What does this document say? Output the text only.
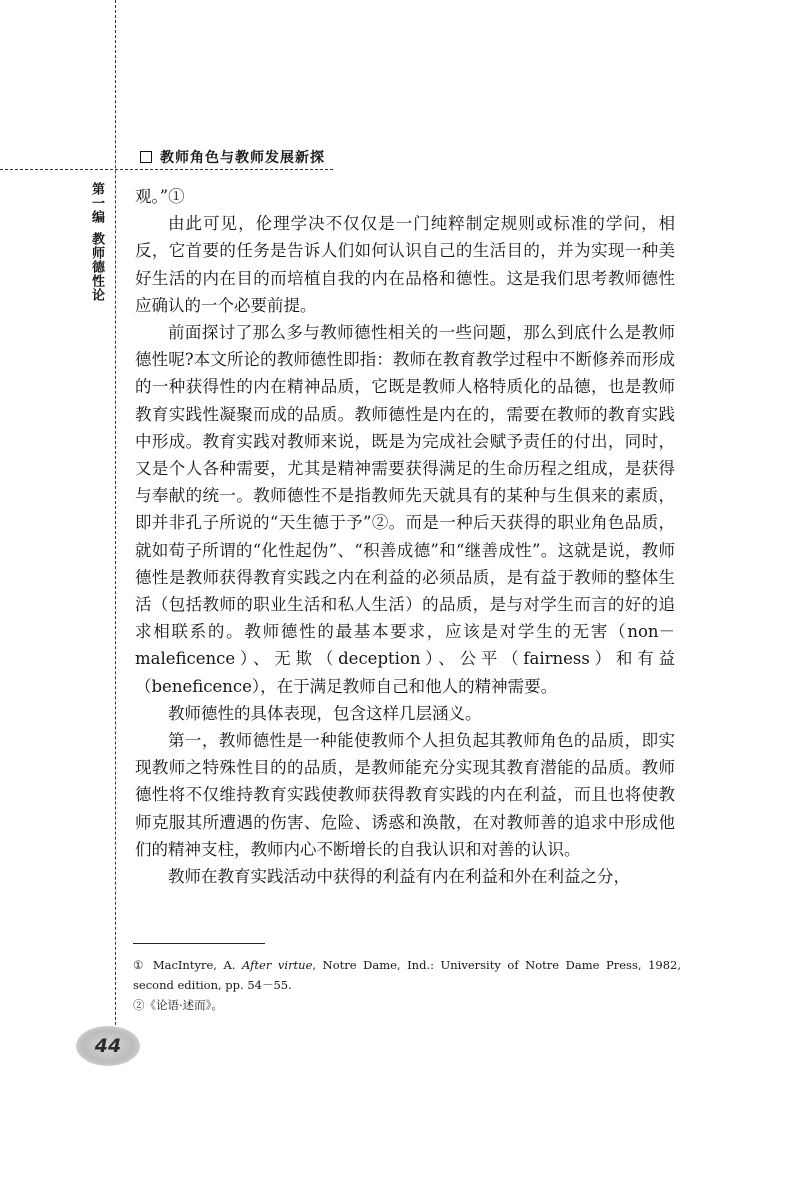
教师角色与教师发展新探
第一编教师德性论

观。”①

由此可见，伦理学决不仅仅是一门纯粹制定规则或标准的学问，相反，它首要的任务是告诉人们如何认识自己的生活目的，并为实现一种美好生活的内在目的而培植自我的内在品格和德性。这是我们思考教师德性应确认的一个必要前提。

前面探讨了那么多与教师德性相关的一些问题，那么到底什么是教师德性呢?本文所论的教师德性即指：教师在教育教学过程中不断修养而形成的一种获得性的内在精神品质，它既是教师人格特质化的品德，也是教师教育实践性凝聚而成的品质。教师德性是内在的，需要在教师的教育实践中形成。教育实践对教师来说，既是为完成社会赋予责任的付出，同时，又是个人各种需要，尤其是精神需要获得满足的生命历程之组成，是获得与奉献的统一。教师德性不是指教师先天就具有的某种与生俱来的素质，即并非孔子所说的“天生德于予”②。而是一种后天获得的职业角色品质，就如荀子所谓的“化性起伪”、“积善成德”和“继善成性”。这就是说，教师德性是教师获得教育实践之内在利益的必须品质，是有益于教师的整体生活（包括教师的职业生活和私人生活）的品质，是与对学生而言的好的追求相联系的。教师德性的最基本要求，应该是对学生的无害（non－maleficence）、无欺（deception）、公平（fairness）和有益（beneficence），在于满足教师自己和他人的精神需要。

教师德性的具体表现，包含这样几层涵义。

第一，教师德性是一种能使教师个人担负起其教师角色的品质，即实现教师之特殊性目的的品质，是教师能充分实现其教育潜能的品质。教师德性将不仅维持教育实践使教师获得教育实践的内在利益，而且也将使教师克服其所遭遇的伤害、危险、诱惑和涣散，在对教师善的追求中形成他们的精神支柱，教师内心不断增长的自我认识和对善的认识。

教师在教育实践活动中获得的利益有内在利益和外在利益之分，

① MacIntyre, A. After virtue, Notre Dame, Ind.: University of Notre Dame Press, 1982, second edition, pp. 54－55.
②《论语·述而》。
44
